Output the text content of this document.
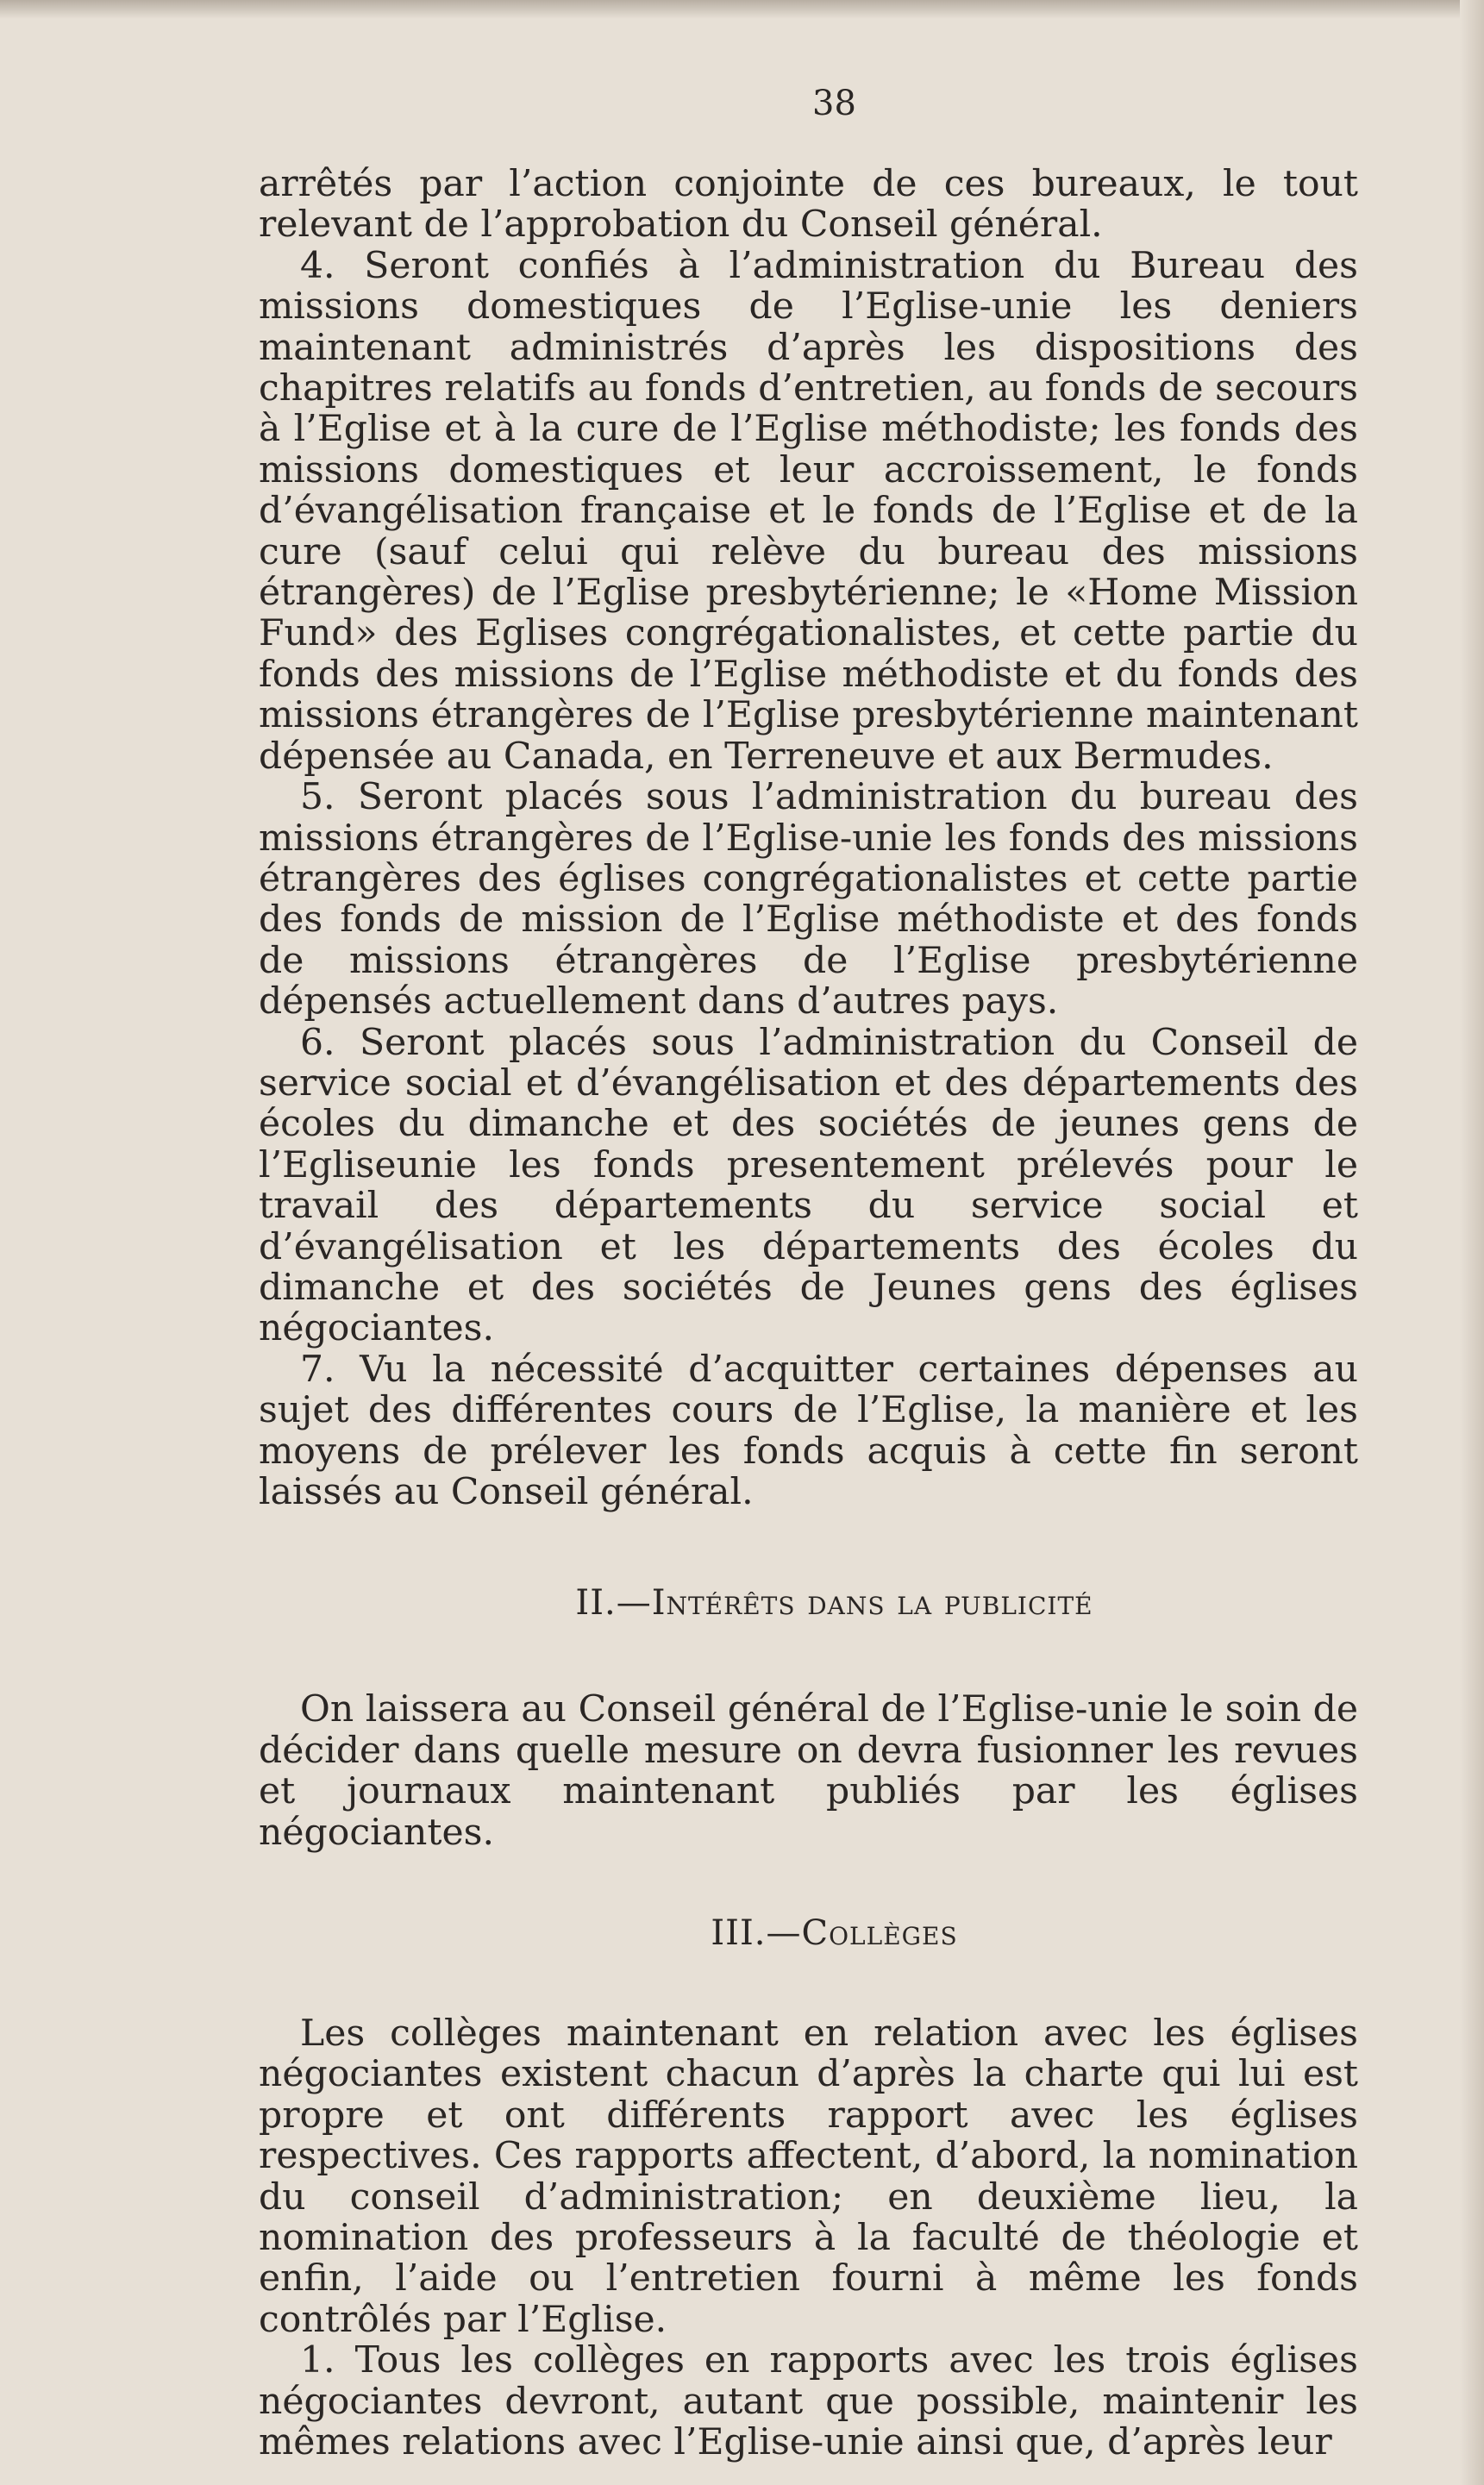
38

arrêtés par l’action conjointe de ces bureaux, le tout relevant de l’approbation du Conseil général.

4. Seront confiés à l’administration du Bureau des missions domestiques de l’Eglise-unie les deniers maintenant administrés d’après les dispositions des chapitres relatifs au fonds d’entretien, au fonds de secours à l’Eglise et à la cure de l’Eglise méthodiste; les fonds des missions domestiques et leur accroissement, le fonds d’évangélisation française et le fonds de l’Eglise et de la cure (sauf celui qui relève du bureau des missions étrangères) de l’Eglise presbytérienne; le «Home Mission Fund» des Eglises congrégationalistes, et cette partie du fonds des missions de l’Eglise méthodiste et du fonds des missions étrangères de l’Eglise presbytérienne maintenant dépensée au Canada, en Terreneuve et aux Bermudes.

5. Seront placés sous l’administration du bureau des missions étrangères de l’Eglise-unie les fonds des missions étrangères des églises congrégationalistes et cette partie des fonds de mission de l’Eglise méthodiste et des fonds de missions étrangères de l’Eglise presbytérienne dépensés actuellement dans d’autres pays.

6. Seront placés sous l’administration du Conseil de service social et d’évangélisation et des départements des écoles du dimanche et des sociétés de jeunes gens de l’Egliseunie les fonds presentement prélevés pour le travail des départements du service social et d’évangélisation et les départements des écoles du dimanche et des sociétés de Jeunes gens des églises négociantes.

7. Vu la nécessité d’acquitter certaines dépenses au sujet des différentes cours de l’Eglise, la manière et les moyens de prélever les fonds acquis à cette fin seront laissés au Conseil général.

II.—Intérêts dans la publicité

On laissera au Conseil général de l’Eglise-unie le soin de décider dans quelle mesure on devra fusionner les revues et journaux maintenant publiés par les églises négociantes.

III.—Collèges

Les collèges maintenant en relation avec les églises négociantes existent chacun d’après la charte qui lui est propre et ont différents rapport avec les églises respectives. Ces rapports affectent, d’abord, la nomination du conseil d’administration; en deuxième lieu, la nomination des professeurs à la faculté de théologie et enfin, l’aide ou l’entretien fourni à même les fonds contrôlés par l’Eglise.

1. Tous les collèges en rapports avec les trois églises négociantes devront, autant que possible, maintenir les mêmes relations avec l’Eglise-unie ainsi que, d’après leur
